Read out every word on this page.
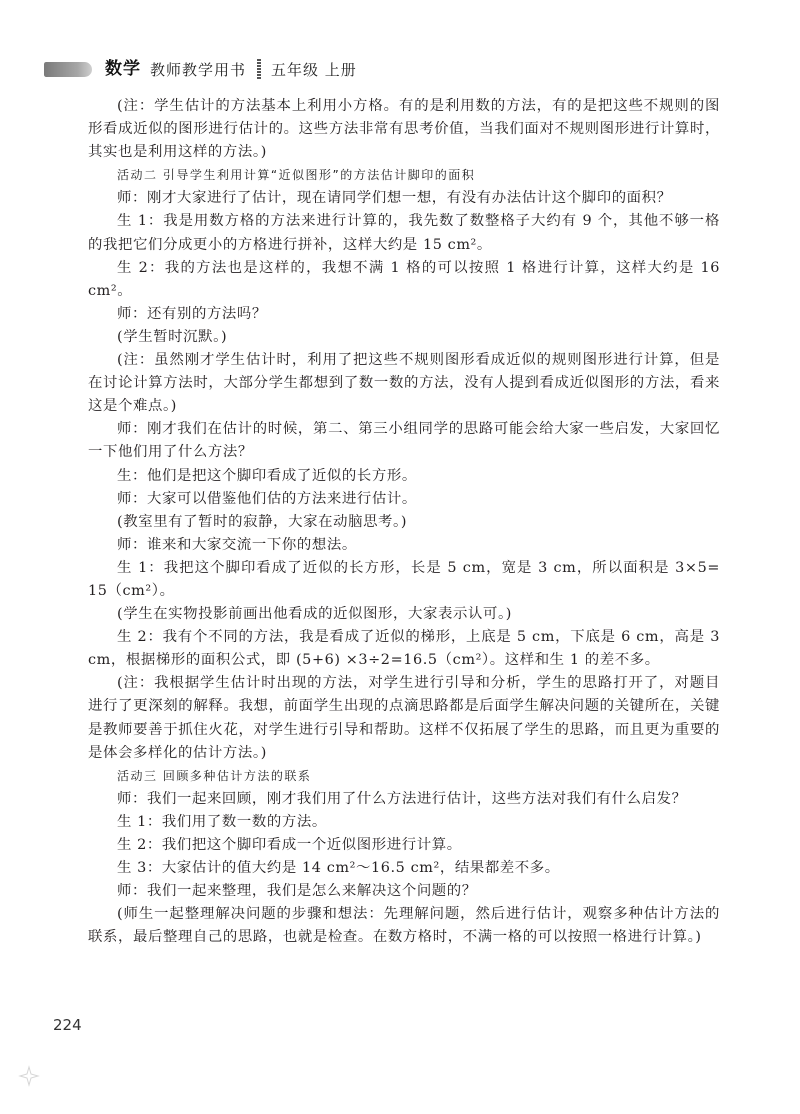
数学 教师教学用书 五年级 上册

(注：学生估计的方法基本上利用小方格。有的是利用数的方法，有的是把这些不规则的图形看成近似的图形进行估计的。这些方法非常有思考价值，当我们面对不规则图形进行计算时，其实也是利用这样的方法。)

活动二 引导学生利用计算“近似图形”的方法估计脚印的面积

师：刚才大家进行了估计，现在请同学们想一想，有没有办法估计这个脚印的面积？

生 1：我是用数方格的方法来进行计算的，我先数了数整格子大约有 9 个，其他不够一格的我把它们分成更小的方格进行拼补，这样大约是 15 cm²。

生 2：我的方法也是这样的，我想不满 1 格的可以按照 1 格进行计算，这样大约是 16 cm²。

师：还有别的方法吗？

(学生暂时沉默。)

(注：虽然刚才学生估计时，利用了把这些不规则图形看成近似的规则图形进行计算，但是在讨论计算方法时，大部分学生都想到了数一数的方法，没有人提到看成近似图形的方法，看来这是个难点。)

师：刚才我们在估计的时候，第二、第三小组同学的思路可能会给大家一些启发，大家回忆一下他们用了什么方法？

生：他们是把这个脚印看成了近似的长方形。

师：大家可以借鉴他们估的方法来进行估计。

(教室里有了暂时的寂静，大家在动脑思考。)

师：谁来和大家交流一下你的想法。

生 1：我把这个脚印看成了近似的长方形，长是 5 cm，宽是 3 cm，所以面积是 3×5= 15（cm²）。

(学生在实物投影前画出他看成的近似图形，大家表示认可。)

生 2：我有个不同的方法，我是看成了近似的梯形，上底是 5 cm，下底是 6 cm，高是 3 cm，根据梯形的面积公式，即 (5+6) ×3÷2=16.5（cm²）。这样和生 1 的差不多。

(注：我根据学生估计时出现的方法，对学生进行引导和分析，学生的思路打开了，对题目进行了更深刻的解释。我想，前面学生出现的点滴思路都是后面学生解决问题的关键所在，关键是教师要善于抓住火花，对学生进行引导和帮助。这样不仅拓展了学生的思路，而且更为重要的是体会多样化的估计方法。)

活动三 回顾多种估计方法的联系

师：我们一起来回顾，刚才我们用了什么方法进行估计，这些方法对我们有什么启发？

生 1：我们用了数一数的方法。

生 2：我们把这个脚印看成一个近似图形进行计算。

生 3：大家估计的值大约是 14 cm²～16.5 cm²，结果都差不多。

师：我们一起来整理，我们是怎么来解决这个问题的？

(师生一起整理解决问题的步骤和想法：先理解问题，然后进行估计，观察多种估计方法的联系，最后整理自己的思路，也就是检查。在数方格时，不满一格的可以按照一格进行计算。)

224
